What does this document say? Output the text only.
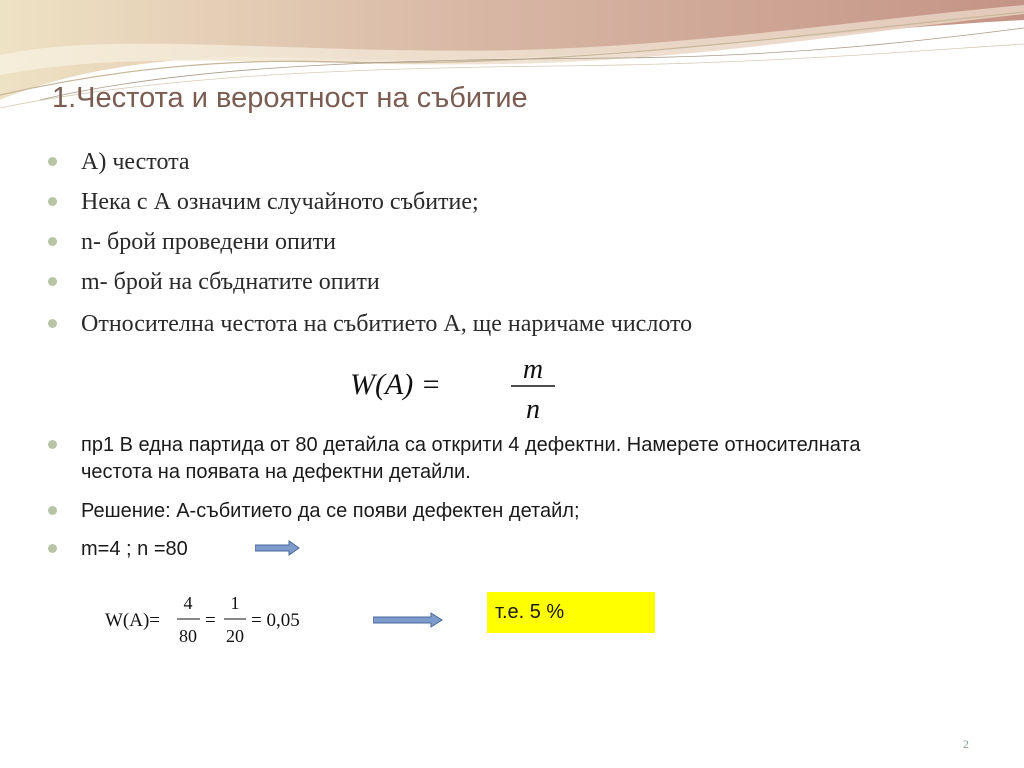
1.Честота и вероятност на събитие
A) честота
Нека с А означим случайното събитие;
n- брой проведени опити
m- брой на сбъднатите опити
Относителна честота на събитието А, ще наричаме числото
пр1 В една партида от 80 детайла са открити 4 дефектни. Намерете относителната честота на появата на дефектни детайли.
Решение: А-събитието да се появи дефектен детайл;
m=4 ; n =80
W(A) =	m
n
W(A)=
4
80
=
1
20
= 0,05	т.е. 5 %
2
